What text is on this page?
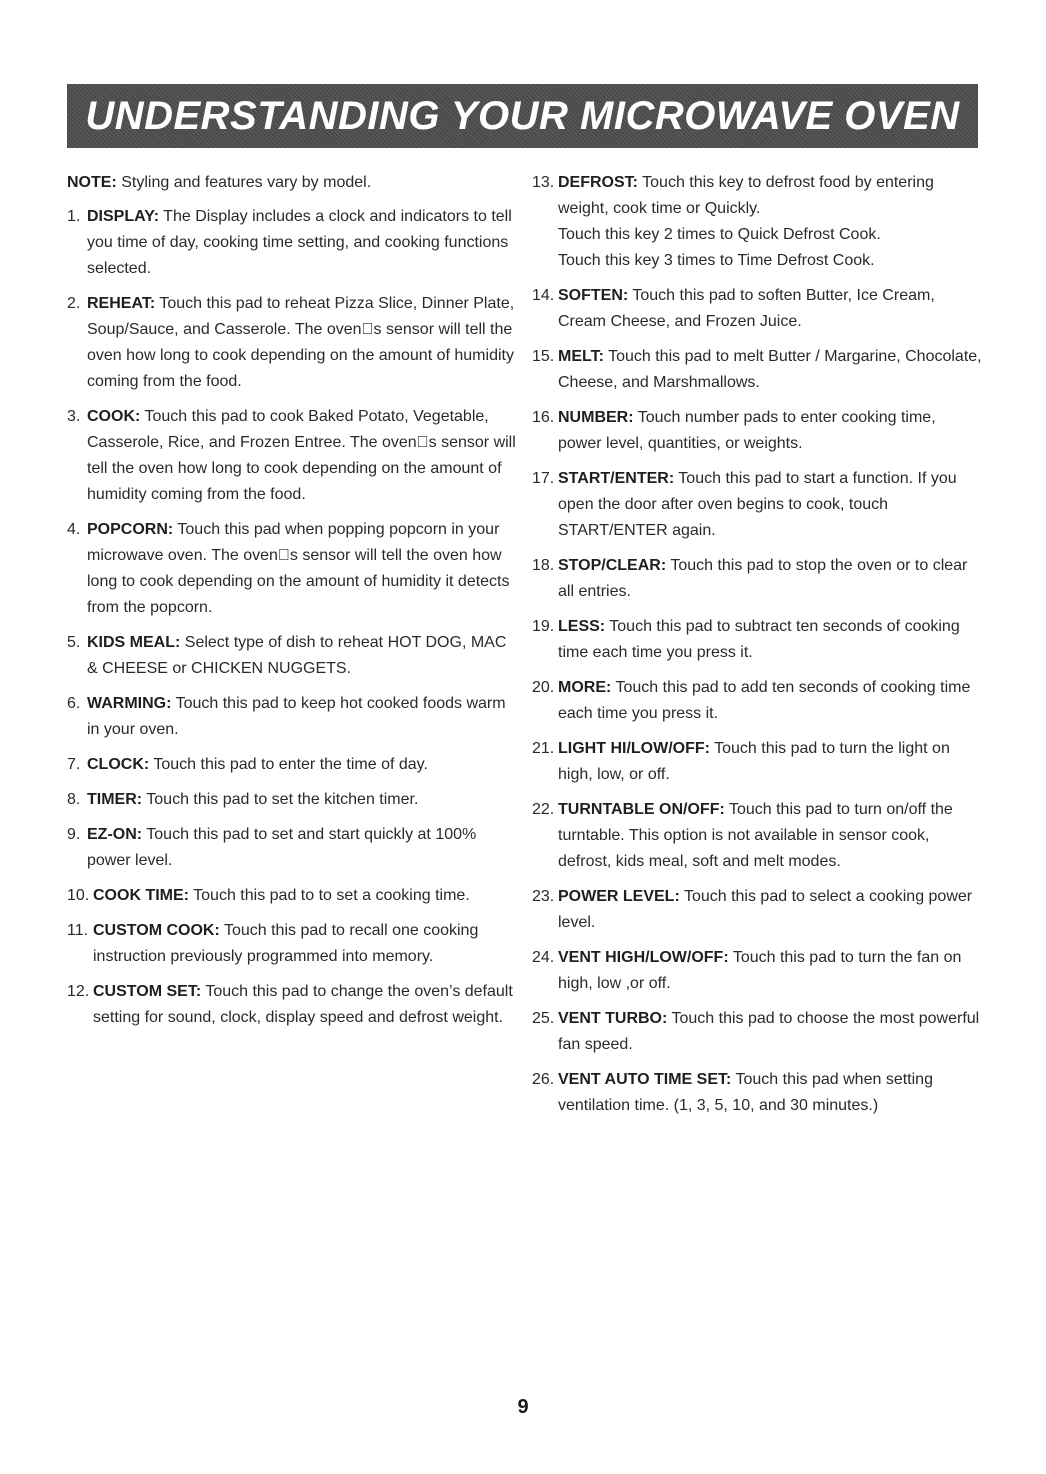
UNDERSTANDING YOUR MICROWAVE OVEN
NOTE: Styling and features vary by model.
1. DISPLAY: The Display includes a clock and indicators to tell you time of day, cooking time setting, and cooking functions selected.
2. REHEAT: Touch this pad to reheat Pizza Slice, Dinner Plate, Soup/Sauce, and Casserole. The oven s sensor will tell the oven how long to cook depending on the amount of humidity coming from the food.
3. COOK: Touch this pad to cook Baked Potato, Vegetable, Casserole, Rice, and Frozen Entree. The oven s sensor will tell the oven how long to cook depending on the amount of humidity coming from the food.
4. POPCORN: Touch this pad when popping popcorn in your microwave oven. The oven s sensor will tell the oven how long to cook depending on the amount of humidity it detects from the popcorn.
5. KIDS MEAL: Select type of dish to reheat HOT DOG, MAC & CHEESE or CHICKEN NUGGETS.
6. WARMING: Touch this pad to keep hot cooked foods warm in your oven.
7. CLOCK: Touch this pad to enter the time of day.
8. TIMER: Touch this pad to set the kitchen timer.
9. EZ-ON: Touch this pad to set and start quickly at 100% power level.
10. COOK TIME: Touch this pad to to set a cooking time.
11. CUSTOM COOK: Touch this pad to recall one cooking instruction previously programmed into memory.
12. CUSTOM SET: Touch this pad to change the oven’s default setting for sound, clock, display speed and defrost weight.
13. DEFROST: Touch this key to defrost food by entering weight, cook time or Quickly.
Touch this key 2 times to Quick Defrost Cook.
Touch this key 3 times to Time Defrost Cook.
14. SOFTEN: Touch this pad to soften Butter, Ice Cream, Cream Cheese, and Frozen Juice.
15. MELT: Touch this pad to melt Butter / Margarine, Chocolate, Cheese, and Marshmallows.
16. NUMBER: Touch number pads to enter cooking time, power level, quantities, or weights.
17. START/ENTER: Touch this pad to start a function. If you open the door after oven begins to cook, touch START/ENTER again.
18. STOP/CLEAR: Touch this pad to stop the oven or to clear all entries.
19. LESS: Touch this pad to subtract ten seconds of cooking time each time you press it.
20. MORE: Touch this pad to add ten seconds of cooking time each time you press it.
21. LIGHT HI/LOW/OFF: Touch this pad to turn the light on high, low, or off.
22. TURNTABLE ON/OFF: Touch this pad to turn on/off the turntable. This option is not available in sensor cook, defrost, kids meal, soft and melt modes.
23. POWER LEVEL: Touch this pad to select a cooking power level.
24. VENT HIGH/LOW/OFF: Touch this pad to turn the fan on high, low ,or off.
25. VENT TURBO: Touch this pad to choose the most powerful fan speed.
26. VENT AUTO TIME SET: Touch this pad when setting ventilation time. (1, 3, 5, 10, and 30 minutes.)
9
